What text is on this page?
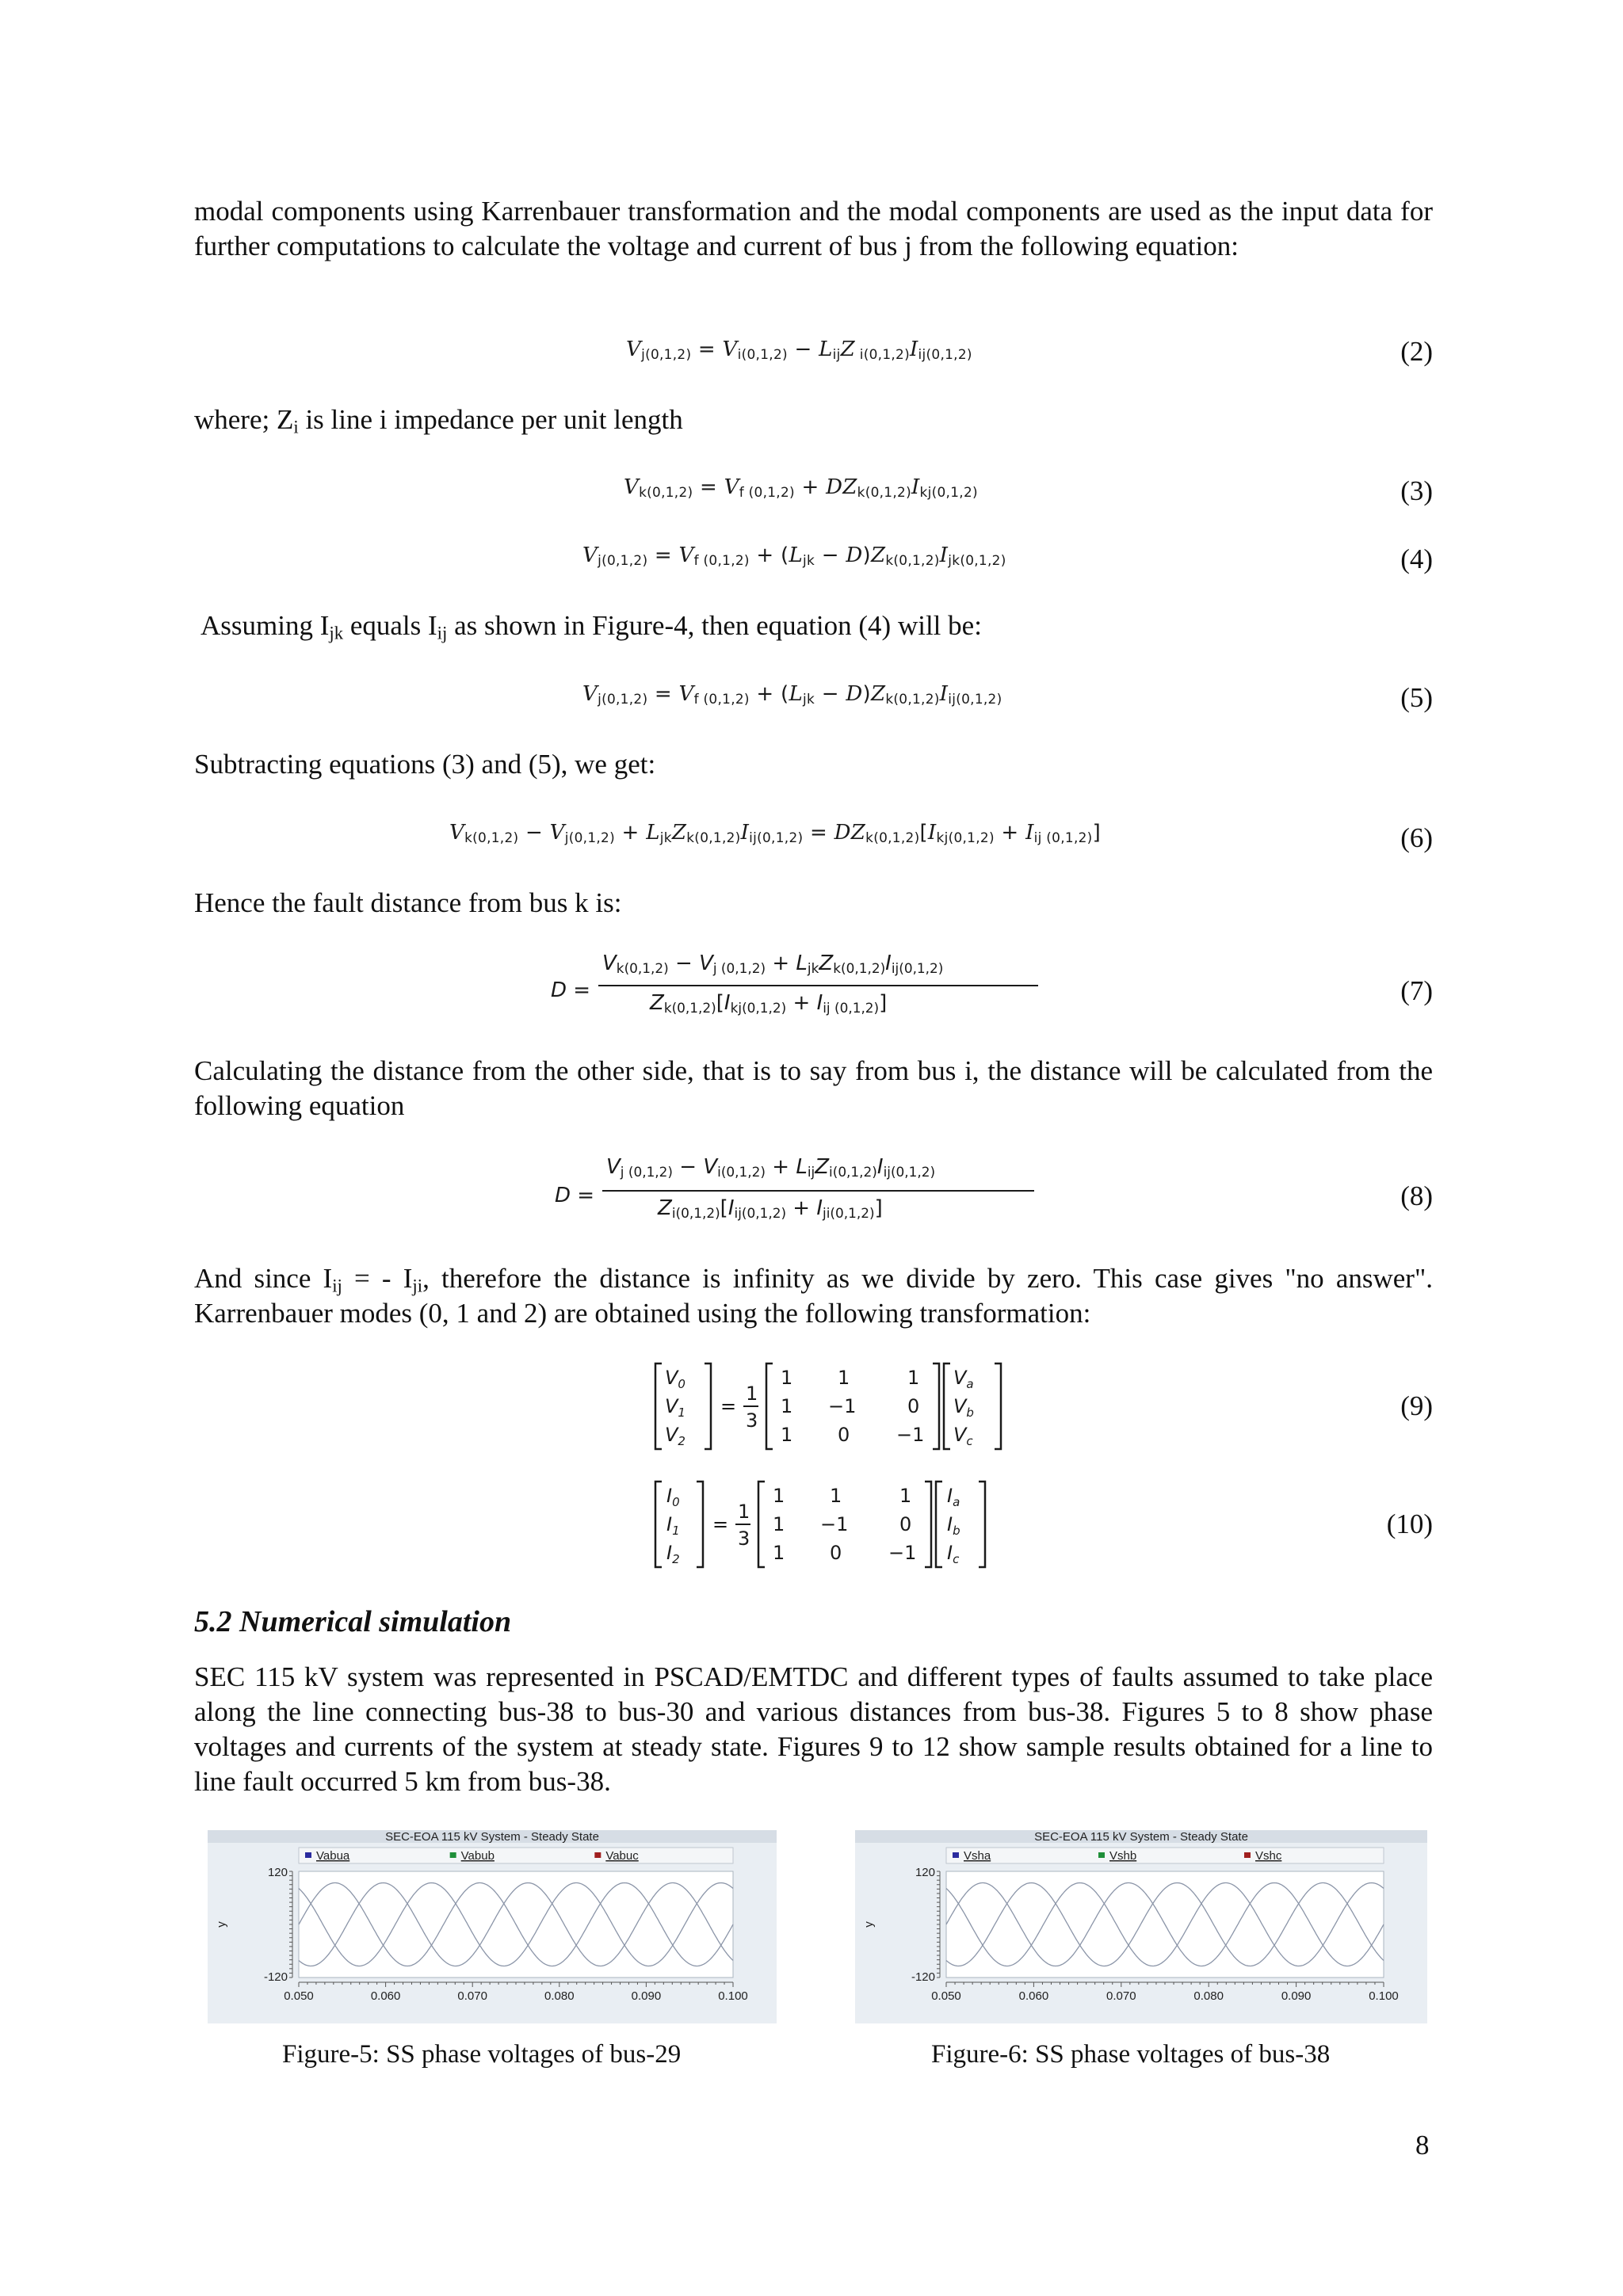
modal components using Karrenbauer transformation and the modal components are used as the input data for further computations to calculate the voltage and current of bus j from the following equation:

$V_{j(0,1,2)} = V_{i(0,1,2)} - L_{ij}Z$ $_{i(0,1,2)}I_{ij(0,1,2)}$	(2)

where; $Z_i$ is line i impedance per unit length

$V_{k(0,1,2)} = V_{f (0,1,2)} + DZ_{k(0,1,2)}I_{kj(0,1,2)}$	(3)
$V_{j(0,1,2)} = V_{f (0,1,2)} + (L_{jk} - D)Z_{k(0,1,2)}I_{jk(0,1,2)}$	(4)

Assuming $I_{jk}$ equals $I_{ij}$ as shown in Figure-4, then equation (4) will be:

$V_{j(0,1,2)} = V_{f (0,1,2)} + (L_{jk} - D)Z_{k(0,1,2)}I_{ij(0,1,2)}$	(5)

Subtracting equations (3) and (5), we get:

$V_{k(0,1,2)} - V_{j(0,1,2)} + L_{jk}Z_{k(0,1,2)}I_{ij(0,1,2)} = DZ_{k(0,1,2)}[I_{kj(0,1,2)} + I_{ij (0,1,2)}]$	(6)

Hence the fault distance from bus k is:

D =
$V_{k(0,1,2)} - V_{j (0,1,2)} + L_{jk}Z_{k(0,1,2)}I_{ij(0,1,2)}$
$Z_{k(0,1,2)}[I_{kj(0,1,2)} + I_{ij (0,1,2)}]$	(7)

Calculating the distance from the other side, that is to say from bus i, the distance will be calculated from the following equation

D =
$V_{j (0,1,2)} - V_{i(0,1,2)} + L_{ij}Z_{i(0,1,2)}I_{ij(0,1,2)}$
$Z_{i(0,1,2)}[I_{ij(0,1,2)} + I_{ji(0,1,2)}]$	(8)

And since $I_{ij}$ = - $I_{ji}$, therefore the distance is infinity as we divide by zero. This case gives "no answer". Karrenbauer modes (0, 1 and 2) are obtained using the following transformation:

$V_0$
$V_1$
$V_2$
=
1
3
1 1	1
1 −1	0
1 0 −1
$V_a$
$V_b$
$V_c$
(9)
$I_0$
$I_1$
$I_2$
=
1
3
1 1	1
1 −1	0
1 0 −1
$I_a$
$I_b$
$I_c$
(10)
5.2 Numerical simulation

SEC 115 kV system was represented in PSCAD/EMTDC and different types of faults assumed to take place along the line connecting bus-38 to bus-30 and various distances from bus-38. Figures 5 to 8 show phase voltages and currents of the system at steady state. Figures 9 to 12 show sample results obtained for a line to line fault occurred 5 km from bus-38.

SEC-EOA 115 kV System - Steady State
Vabua	Vabub	Vabuc
120
-120
y
0.050	0.060	0.070	0.080	0.090	0.100
SEC-EOA 115 kV System - Steady State
Vsha	Vshb	Vshc
120
-120
y
0.050	0.060	0.070	0.080	0.090	0.100
Figure-5: SS phase voltages of bus-29	Figure-6: SS phase voltages of bus-38
8
